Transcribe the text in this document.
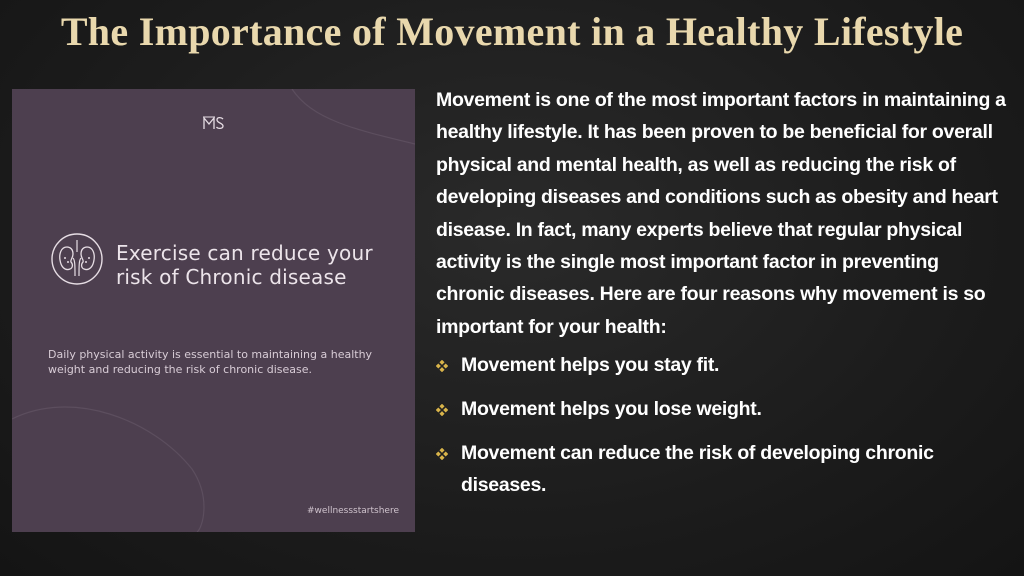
The Importance of Movement in a Healthy Lifestyle
Exercise can reduce your risk of Chronic disease
Daily physical activity is essential to maintaining a healthy weight and reducing the risk of chronic disease.
#wellnessstartshere

Movement is one of the most important factors in maintaining a healthy lifestyle. It has been proven to be beneficial for overall physical and mental health, as well as reducing the risk of developing diseases and conditions such as obesity and heart disease. In fact, many experts believe that regular physical activity is the single most important factor in preventing chronic diseases. Here are four reasons why movement is so important for your health:

Movement helps you stay fit.
Movement helps you lose weight.
Movement can reduce the risk of developing chronic diseases.
